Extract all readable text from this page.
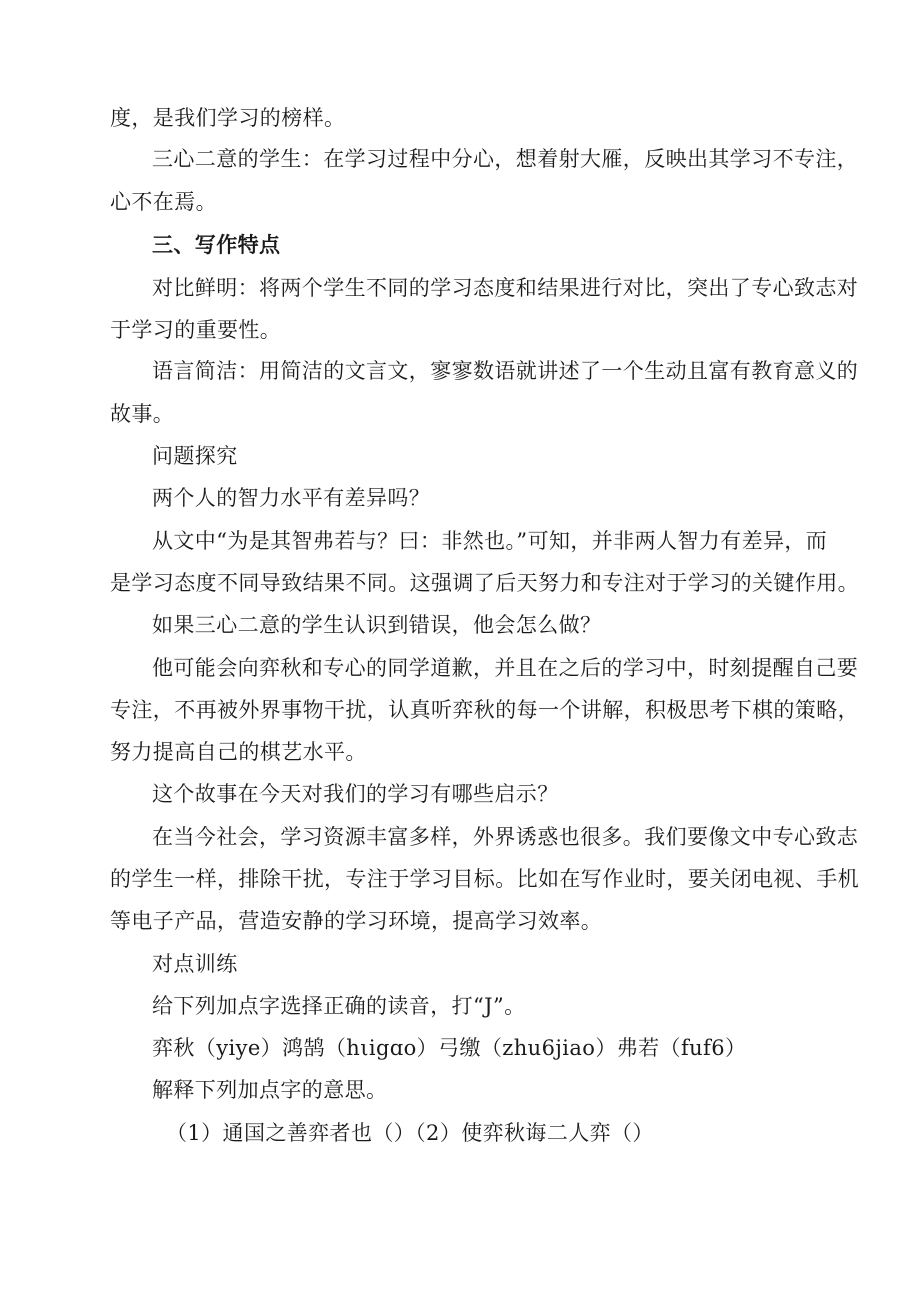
度，是我们学习的榜样。
三心二意的学生：在学习过程中分心，想着射大雁，反映出其学习不专注，
心不在焉。
三、写作特点
对比鲜明：将两个学生不同的学习态度和结果进行对比，突出了专心致志对
于学习的重要性。
语言简洁：用简洁的文言文，寥寥数语就讲述了一个生动且富有教育意义的
故事。
问题探究
两个人的智力水平有差异吗？
从文中“为是其智弗若与？曰：非然也。”可知，并非两人智力有差异，而
是学习态度不同导致结果不同。这强调了后天努力和专注对于学习的关键作用。
如果三心二意的学生认识到错误，他会怎么做？
他可能会向弈秋和专心的同学道歉，并且在之后的学习中，时刻提醒自己要
专注，不再被外界事物干扰，认真听弈秋的每一个讲解，积极思考下棋的策略，
努力提高自己的棋艺水平。
这个故事在今天对我们的学习有哪些启示？
在当今社会，学习资源丰富多样，外界诱惑也很多。我们要像文中专心致志
的学生一样，排除干扰，专注于学习目标。比如在写作业时，要关闭电视、手机
等电子产品，营造安静的学习环境，提高学习效率。
对点训练
给下列加点字选择正确的读音，打“J”。
弈秋（yiye）鸿鹄（hιigɑo）弓缴（zhu6jiao）弗若（fuf6）
解释下列加点字的意思。
（1）通国之善弈者也（）（2）使弈秋诲二人弈（）
